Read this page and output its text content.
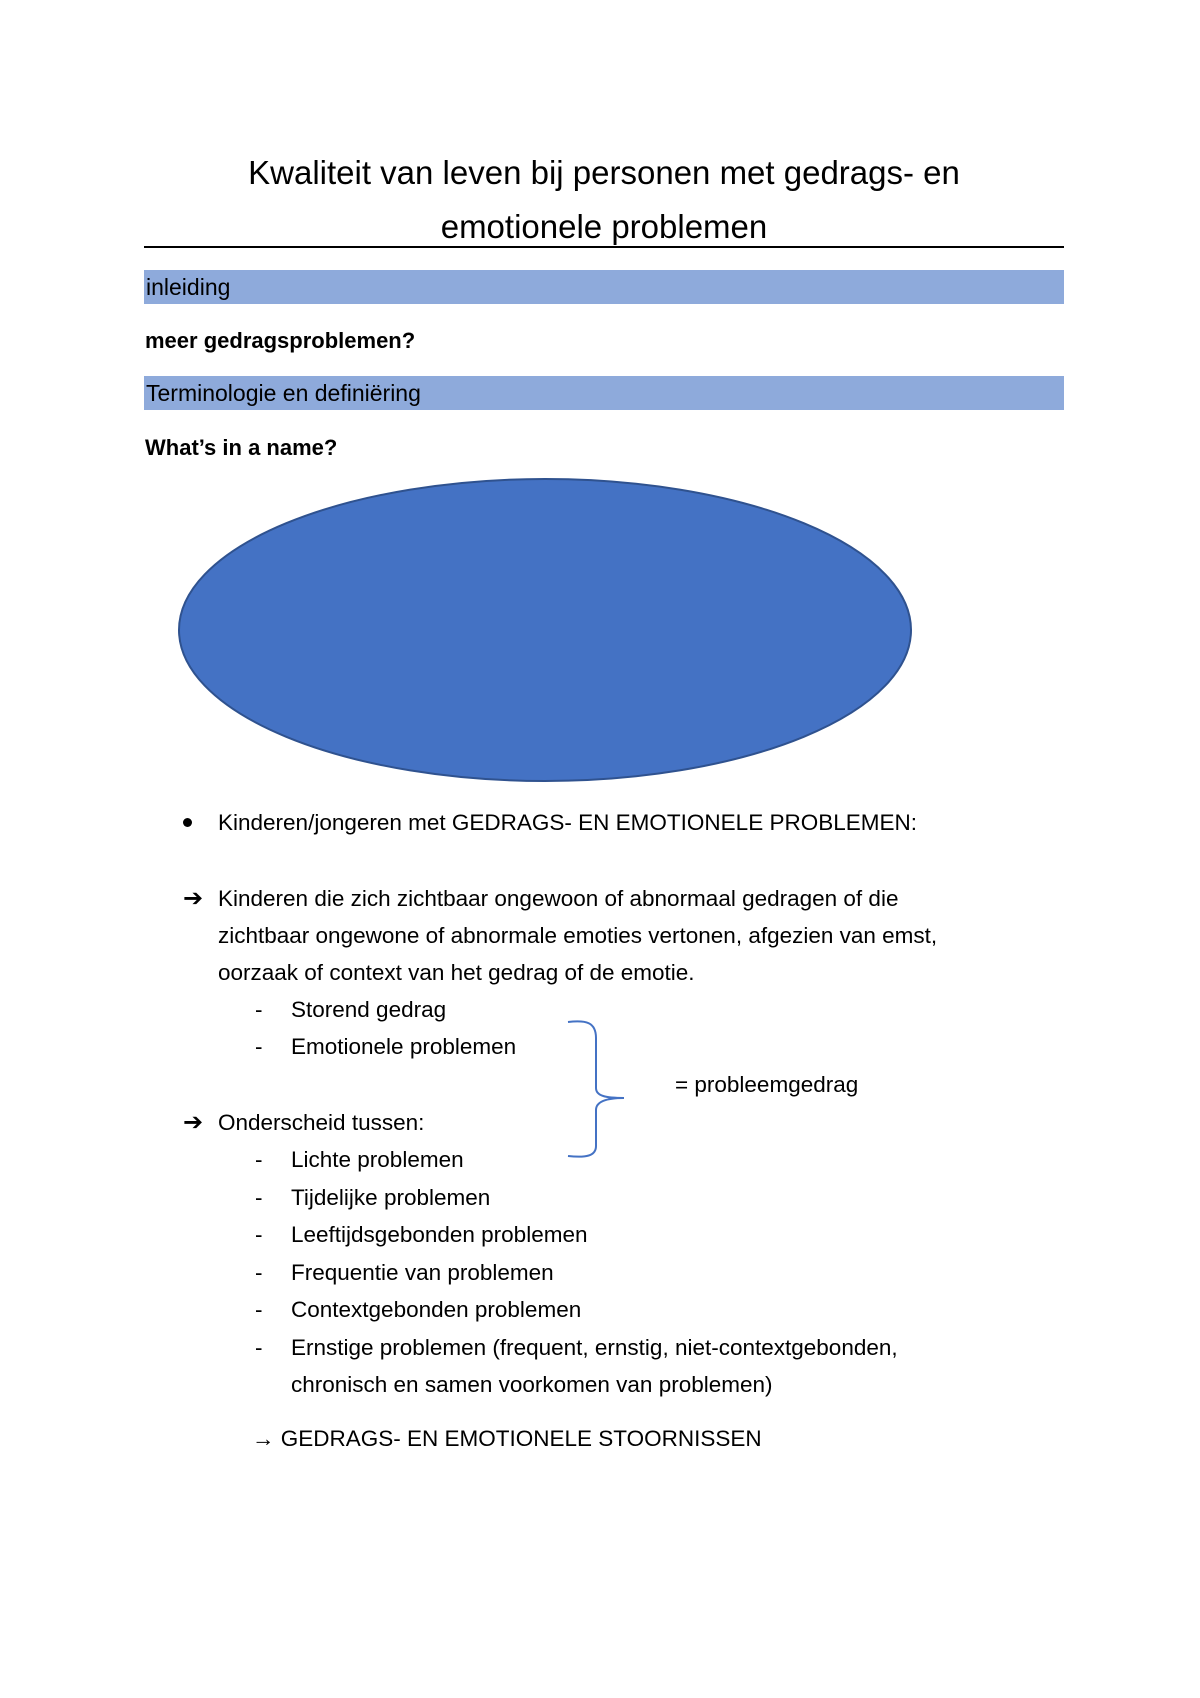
Kwaliteit van leven bij personen met gedrags- en
emotionele problemen
inleiding
meer gedragsproblemen?
Terminologie en definiëring
What’s in a name?
Kinderen/jongeren met GEDRAGS- EN EMOTIONELE PROBLEMEN:
➔ Kinderen die zich zichtbaar ongewoon of abnormaal gedragen of die
zichtbaar ongewone of abnormale emoties vertonen, afgezien van emst,
oorzaak of context van het gedrag of de emotie.
- Storend gedrag
- Emotionele problemen
= probleemgedrag
➔ Onderscheid tussen:
- Lichte problemen
- Tijdelijke problemen
- Leeftijdsgebonden problemen
- Frequentie van problemen
- Contextgebonden problemen
- Ernstige problemen (frequent, ernstig, niet-contextgebonden,
chronisch en samen voorkomen van problemen)
→ GEDRAGS- EN EMOTIONELE STOORNISSEN
